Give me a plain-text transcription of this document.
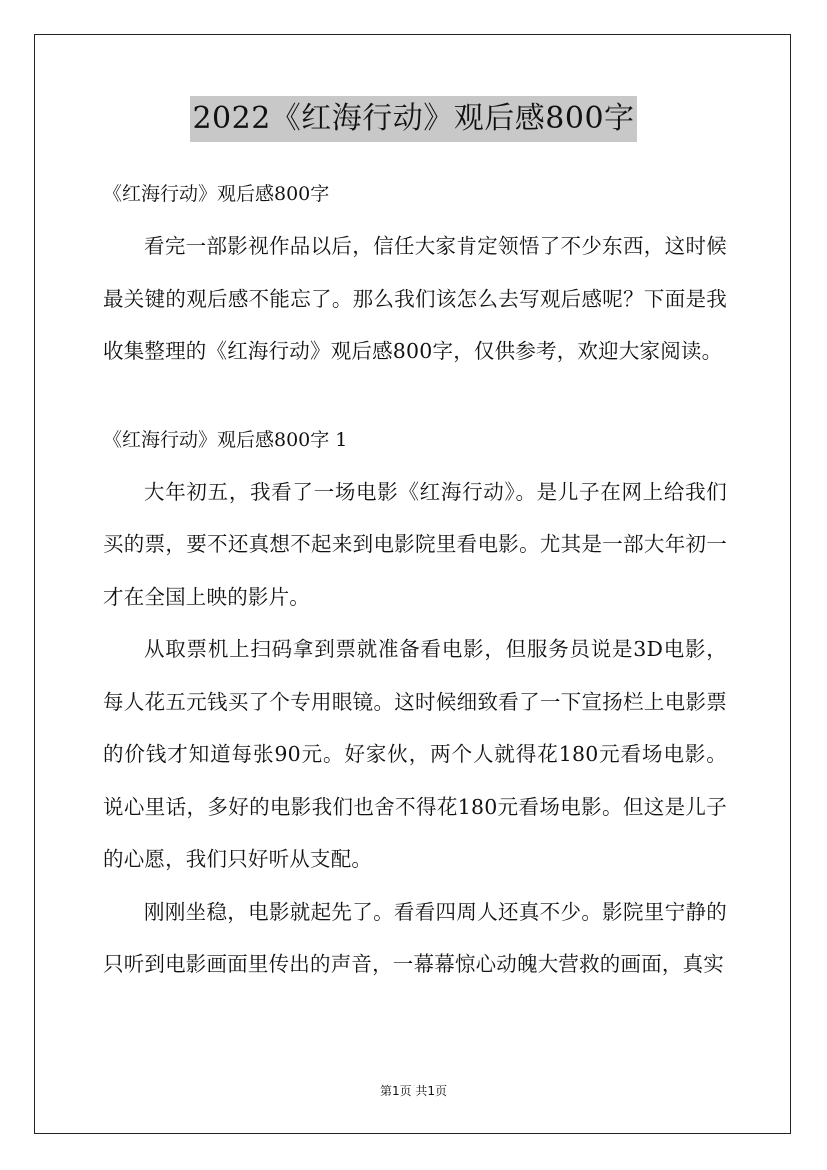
2022《红海行动》观后感800字

《红海行动》观后感800字

看完一部影视作品以后，信任大家肯定领悟了不少东西，这时候最关键的观后感不能忘了。那么我们该怎么去写观后感呢？下面是我收集整理的《红海行动》观后感800字，仅供参考，欢迎大家阅读。

《红海行动》观后感800字 1

大年初五，我看了一场电影《红海行动》。是儿子在网上给我们买的票，要不还真想不起来到电影院里看电影。尤其是一部大年初一才在全国上映的影片。

从取票机上扫码拿到票就准备看电影，但服务员说是3D电影，每人花五元钱买了个专用眼镜。这时候细致看了一下宣扬栏上电影票的价钱才知道每张90元。好家伙，两个人就得花180元看场电影。说心里话，多好的电影我们也舍不得花180元看场电影。但这是儿子的心愿，我们只好听从支配。

刚刚坐稳，电影就起先了。看看四周人还真不少。影院里宁静的只听到电影画面里传出的声音，一幕幕惊心动魄大营救的画面，真实

第1页 共1页
